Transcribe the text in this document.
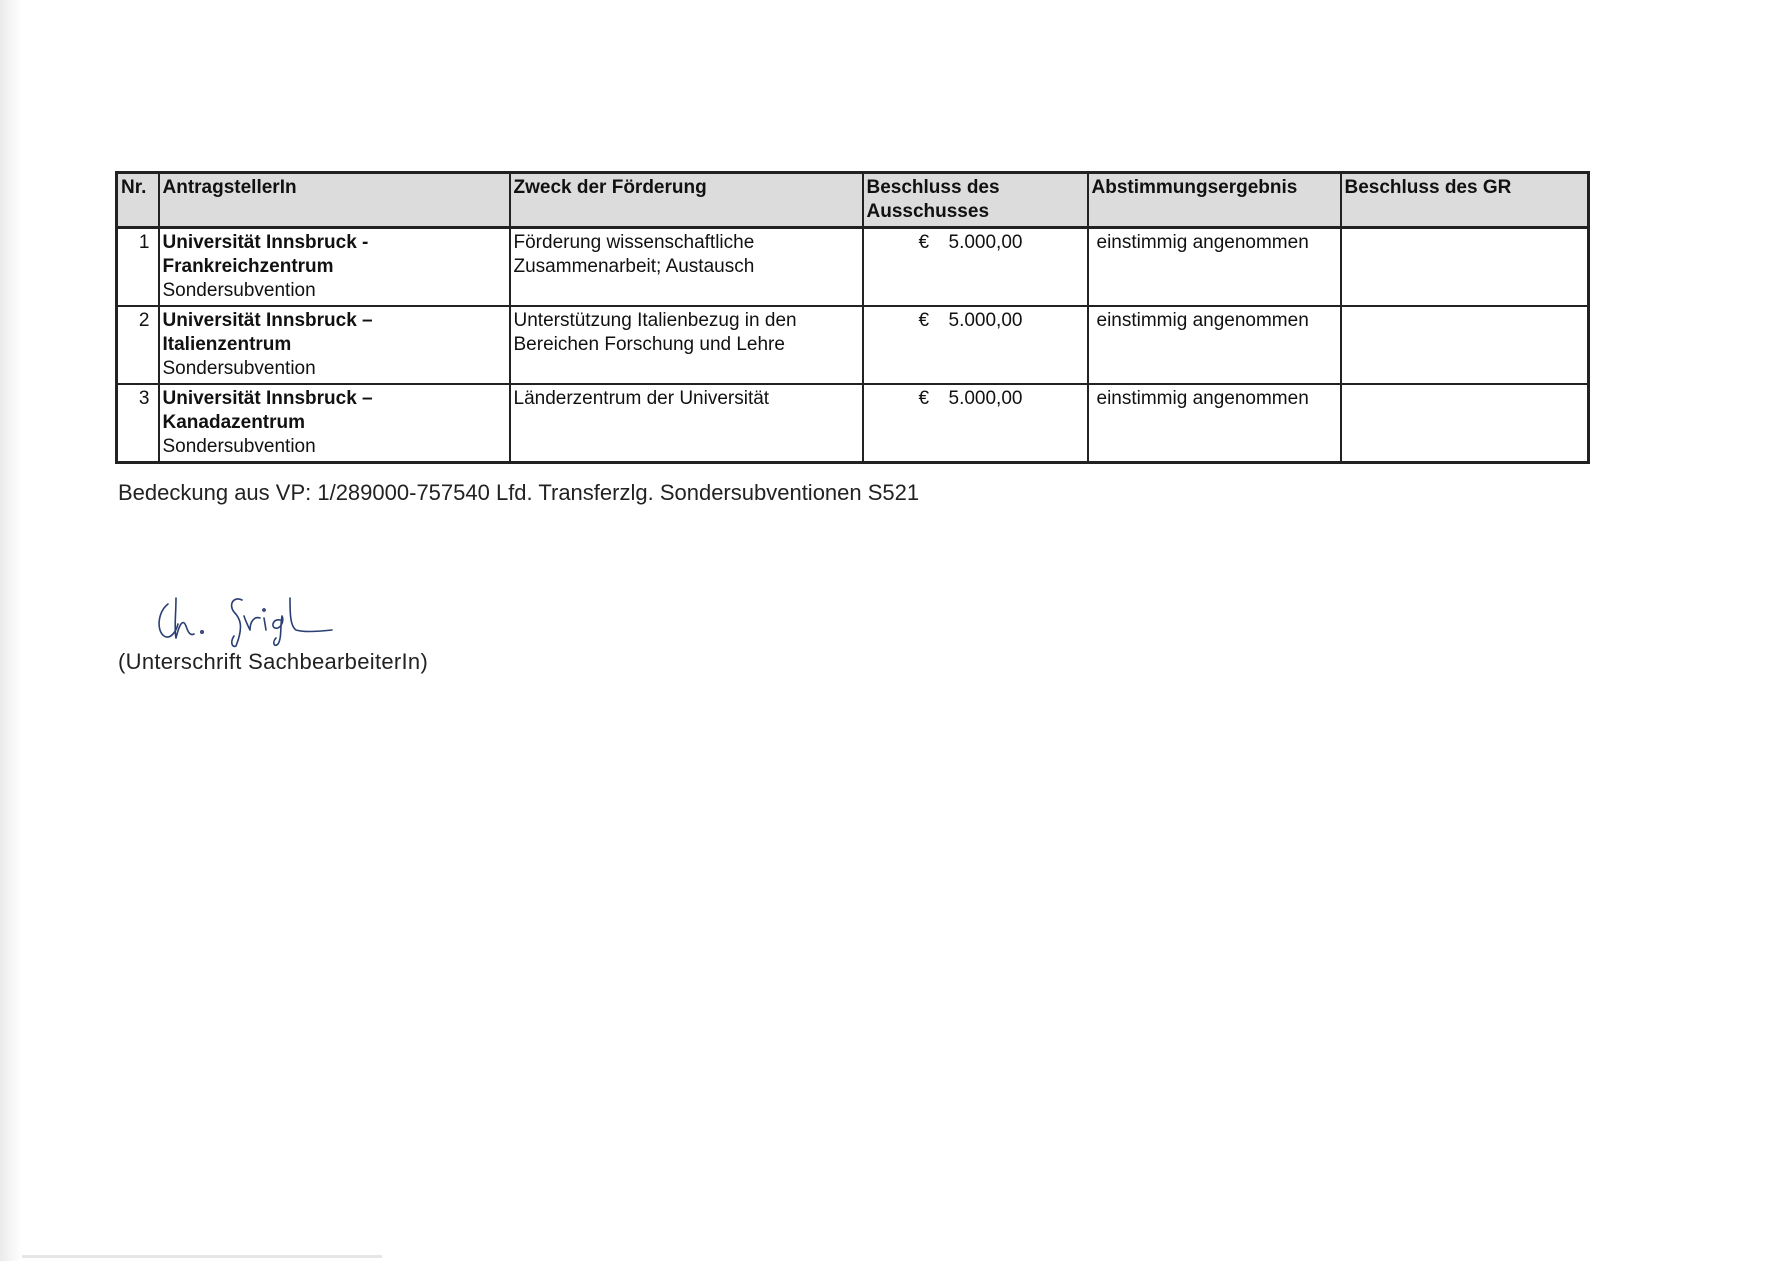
Nr.	AntragstellerIn	Zweck der Förderung	Beschluss des
Ausschusses	Abstimmungsergebnis	Beschluss des GR
1	Universität Innsbruck -
Frankreichzentrum
Sondersubvention	Förderung wissenschaftliche Zusammenarbeit; Austausch	€ 5.000,00	einstimmig angenommen	
2	Universität Innsbruck –
Italienzentrum
Sondersubvention	Unterstützung Italienbezug in den Bereichen Forschung und Lehre	€ 5.000,00	einstimmig angenommen	
3	Universität Innsbruck –
Kanadazentrum
Sondersubvention	Länderzentrum der Universität	€ 5.000,00	einstimmig angenommen	
Bedeckung aus VP: 1/289000-757540 Lfd. Transferzlg. Sondersubventionen S521
(Unterschrift SachbearbeiterIn)
